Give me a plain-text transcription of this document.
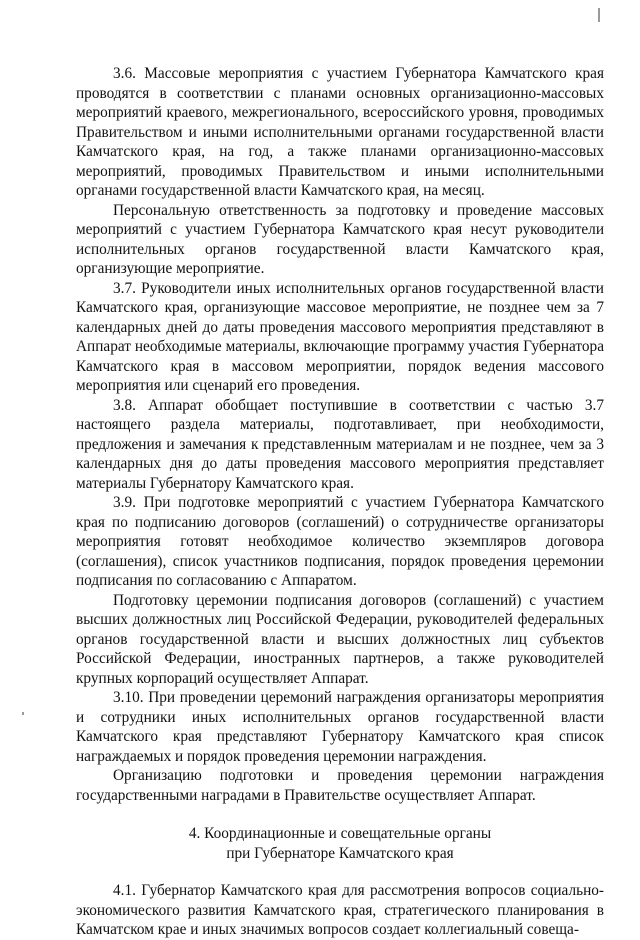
3.6. Массовые мероприятия с участием Губернатора Камчатского края проводятся в соответствии с планами основных организационно-массовых мероприятий краевого, межрегионального, всероссийского уровня, проводимых Правительством и иными исполнительными органами государственной власти Камчатского края, на год, а также планами организационно-массовых мероприятий, проводимых Правительством и иными исполнительными органами государственной власти Камчатского края, на месяц.

Персональную ответственность за подготовку и проведение массовых мероприятий с участием Губернатора Камчатского края несут руководители исполнительных органов государственной власти Камчатского края, организующие мероприятие.

3.7. Руководители иных исполнительных органов государственной власти Камчатского края, организующие массовое мероприятие, не позднее чем за 7 календарных дней до даты проведения массового мероприятия представляют в Аппарат необходимые материалы, включающие программу участия Губернатора Камчатского края в массовом мероприятии, порядок ведения массового мероприятия или сценарий его проведения.

3.8. Аппарат обобщает поступившие в соответствии с частью 3.7 настоящего раздела материалы, подготавливает, при необходимости, предложения и замечания к представленным материалам и не позднее, чем за 3 календарных дня до даты проведения массового мероприятия представляет материалы Губернатору Камчатского края.

3.9. При подготовке мероприятий с участием Губернатора Камчатского края по подписанию договоров (соглашений) о сотрудничестве организаторы мероприятия готовят необходимое количество экземпляров договора (соглашения), список участников подписания, порядок проведения церемонии подписания по согласованию с Аппаратом.

Подготовку церемонии подписания договоров (соглашений) с участием высших должностных лиц Российской Федерации, руководителей федеральных органов государственной власти и высших должностных лиц субъектов Российской Федерации, иностранных партнеров, а также руководителей крупных корпораций осуществляет Аппарат.

3.10. При проведении церемоний награждения организаторы мероприятия и сотрудники иных исполнительных органов государственной власти Камчатского края представляют Губернатору Камчатского края список награждаемых и порядок проведения церемонии награждения.

Организацию подготовки и проведения церемонии награждения государственными наградами в Правительстве осуществляет Аппарат.

4. Координационные и совещательные органы
при Губернаторе Камчатского края

4.1. Губернатор Камчатского края для рассмотрения вопросов социально-экономического развития Камчатского края, стратегического планирования в Камчатском крае и иных значимых вопросов создает коллегиальный совеща-
